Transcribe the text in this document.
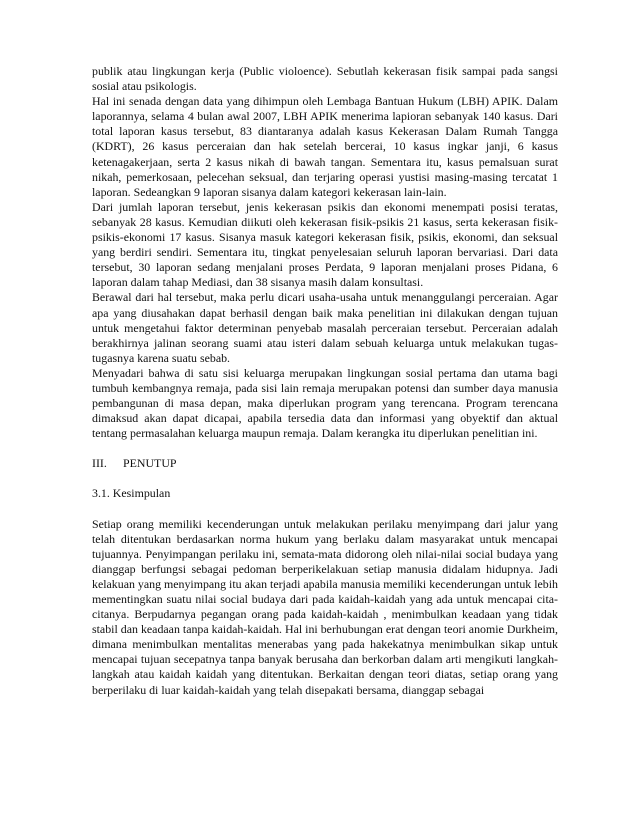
publik atau lingkungan kerja (Public violoence). Sebutlah kekerasan fisik sampai pada sangsi sosial atau psikologis.

Hal ini senada dengan data yang dihimpun oleh Lembaga Bantuan Hukum (LBH) APIK. Dalam laporannya, selama 4 bulan awal 2007, LBH APIK menerima lapioran sebanyak 140 kasus. Dari total laporan kasus tersebut, 83 diantaranya adalah kasus Kekerasan Dalam Rumah Tangga (KDRT), 26 kasus perceraian dan hak setelah bercerai, 10 kasus ingkar janji, 6 kasus ketenagakerjaan, serta 2 kasus nikah di bawah tangan. Sementara itu, kasus pemalsuan surat nikah, pemerkosaan, pelecehan seksual, dan terjaring operasi yustisi masing-masing tercatat 1 laporan. Sedeangkan 9 laporan sisanya dalam kategori kekerasan lain-lain.

Dari jumlah laporan tersebut, jenis kekerasan psikis dan ekonomi menempati posisi teratas, sebanyak 28 kasus. Kemudian diikuti oleh kekerasan fisik-psikis 21 kasus, serta kekerasan fisik-psikis-ekonomi 17 kasus. Sisanya masuk kategori kekerasan fisik, psikis, ekonomi, dan seksual yang berdiri sendiri. Sementara itu, tingkat penyelesaian seluruh laporan bervariasi. Dari data tersebut, 30 laporan sedang menjalani proses Perdata, 9 laporan menjalani proses Pidana, 6 laporan dalam tahap Mediasi, dan 38 sisanya masih dalam konsultasi.

Berawal dari hal tersebut, maka perlu dicari usaha-usaha untuk menanggulangi perceraian. Agar apa yang diusahakan dapat berhasil dengan baik maka penelitian ini dilakukan dengan tujuan untuk mengetahui faktor determinan penyebab masalah perceraian tersebut. Perceraian adalah berakhirnya jalinan seorang suami atau isteri dalam sebuah keluarga untuk melakukan tugas-tugasnya karena suatu sebab.

Menyadari bahwa di satu sisi keluarga merupakan lingkungan sosial pertama dan utama bagi tumbuh kembangnya remaja, pada sisi lain remaja merupakan potensi dan sumber daya manusia pembangunan di masa depan, maka diperlukan program yang terencana. Program terencana dimaksud akan dapat dicapai, apabila tersedia data dan informasi yang obyektif dan aktual tentang permasalahan keluarga maupun remaja. Dalam kerangka itu diperlukan penelitian ini.

III.	PENUTUP

3.1. Kesimpulan

Setiap orang memiliki kecenderungan untuk melakukan perilaku menyimpang dari jalur yang telah ditentukan berdasarkan norma hukum yang berlaku dalam masyarakat untuk mencapai tujuannya. Penyimpangan perilaku ini, semata-mata didorong oleh nilai-nilai social budaya yang dianggap berfungsi sebagai pedoman berperikelakuan setiap manusia didalam hidupnya. Jadi kelakuan yang menyimpang itu akan terjadi apabila manusia memiliki kecenderungan untuk lebih mementingkan suatu nilai social budaya dari pada kaidah-kaidah yang ada untuk mencapai cita-citanya. Berpudarnya pegangan orang pada kaidah-kaidah , menimbulkan keadaan yang tidak stabil dan keadaan tanpa kaidah-kaidah. Hal ini berhubungan erat dengan teori anomie Durkheim, dimana menimbulkan mentalitas menerabas yang pada hakekatnya menimbulkan sikap untuk mencapai tujuan secepatnya tanpa banyak berusaha dan berkorban dalam arti mengikuti langkah-langkah atau kaidah kaidah yang ditentukan. Berkaitan dengan teori diatas, setiap orang yang berperilaku di luar kaidah-kaidah yang telah disepakati bersama, dianggap sebagai
